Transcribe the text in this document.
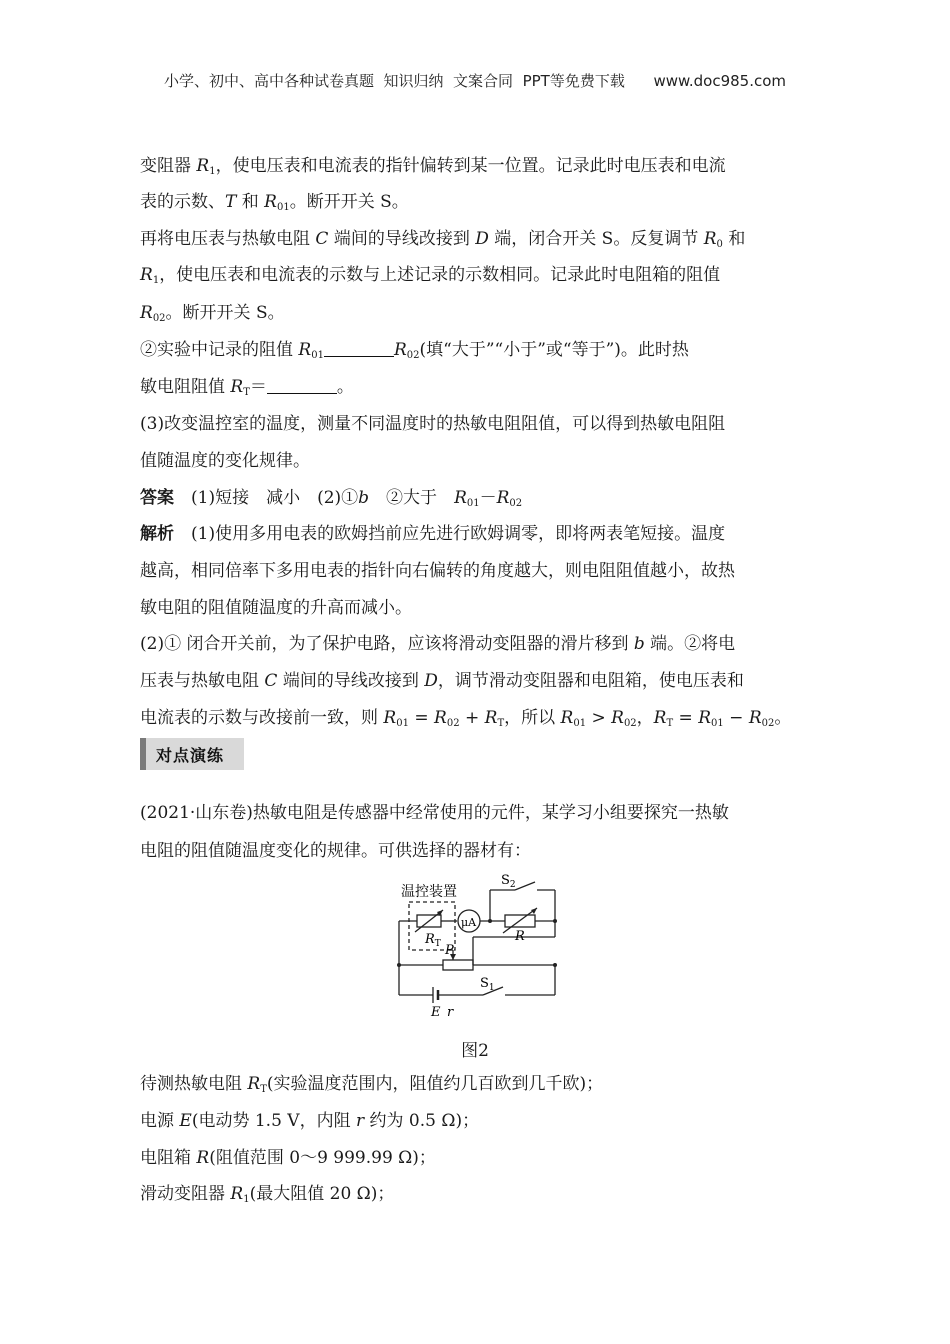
小学、初中、高中各种试卷真题  知识归纳  文案合同  PPT等免费下载      www.doc985.com
变阻器 $R_1$，使电压表和电流表的指针偏转到某一位置。记录此时电压表和电流
表的示数、T 和 $R_{01}$。断开开关 S。
再将电压表与热敏电阻 C 端间的导线改接到 D 端，闭合开关 S。反复调节 $R_0$ 和
$R_1$，使电压表和电流表的示数与上述记录的示数相同。记录此时电阻箱的阻值
$R_{02}$。断开开关 S。
②实验中记录的阻值 $R_{01}$	$R_{02}$(填“大于”“小于”或“等于”)。此时热
敏电阻阻值 $R_T=$	。
(3)改变温控室的温度，测量不同温度时的热敏电阻阻值，可以得到热敏电阻阻
值随温度的变化规律。
答案　 (1)短接　减小　(2)①b　②大于　$R_{01}-R_{02}$
解析　 (1)使用多用电表的欧姆挡前应先进行欧姆调零，即将两表笔短接。温度
越高，相同倍率下多用电表的指针向右偏转的角度越大，则电阻阻值越小，故热
敏电阻的阻值随温度的升高而减小。
(2)① 闭合开关前，为了保护电路，应该将滑动变阻器的滑片移到 b 端。②将电
压表与热敏电阻 C 端间的导线改接到 D，调节滑动变阻器和电阻箱，使电压表和
电流表的示数与改接前一致，则 $R_{01} = R_{02} + R_T$，所以 $R_{01} > R_{02}$，$R_T = R_{01} - R_{02}$。
对点演练
(2021·山东卷)热敏电阻是传感器中经常使用的元件，某学习小组要探究一热敏
电阻的阻值随温度变化的规律。可供选择的器材有：
温控装置
$S_2$
$R_T$
μA
R
P
$S_1$
E r
图2
待测热敏电阻 $R_T$(实验温度范围内，阻值约几百欧到几千欧)；
电源 E(电动势 1.5 V，内阻 r 约为 0.5 Ω)；
电阻箱 R(阻值范围 0～9 999.99 Ω)；
滑动变阻器 $R_1$(最大阻值 20 Ω)；
